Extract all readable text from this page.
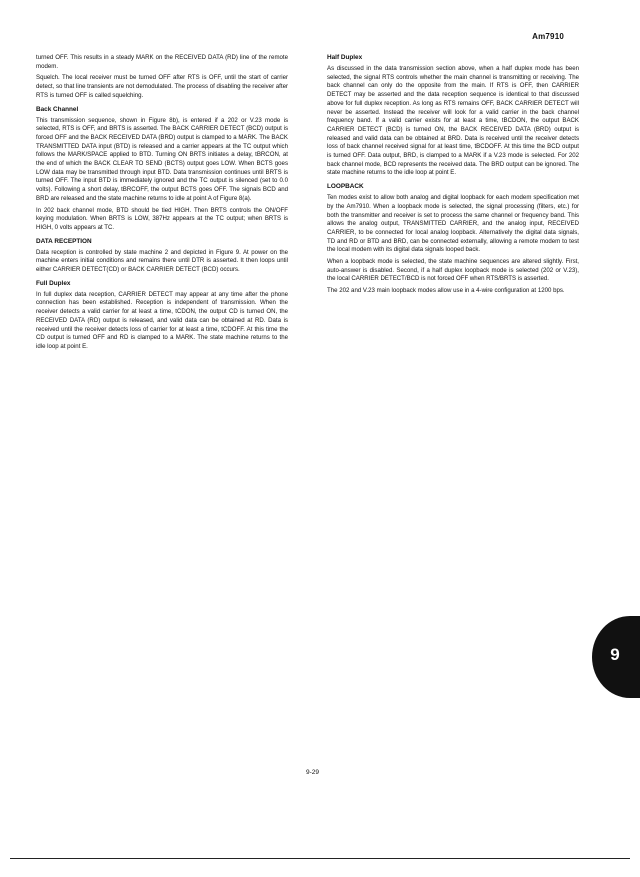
Am7910

turned OFF. This results in a steady MARK on the RECEIVED DATA (RD) line of the remote modem.

Squelch. The local receiver must be turned OFF after RTS is OFF, until the start of carrier detect, so that line transients are not demodulated. The process of disabling the receiver after RTS is turned OFF is called squelching.

Back Channel

This transmission sequence, shown in Figure 8b), is entered if a 202 or V.23 mode is selected, RTS is OFF, and BRTS is asserted. The BACK CARRIER DETECT (BCD) output is forced OFF and the BACK RECEIVED DATA (BRD) output is clamped to a MARK. The BACK TRANSMITTED DATA input (BTD) is released and a carrier appears at the TC output which follows the MARK/SPACE applied to BTD. Turning ON BRTS initiates a delay, tBRCON, at the end of which the BACK CLEAR TO SEND (BCTS) output goes LOW. When BCTS goes LOW data may be transmitted through input BTD. Data transmission continues until BRTS is turned OFF. The input BTD is immediately ignored and the TC output is silenced (set to 0.0 volts). Following a short delay, tBRCOFF, the output BCTS goes OFF. The signals BCD and BRD are released and the state machine returns to idle at point A of Figure 8(a).

In 202 back channel mode, BTD should be tied HIGH. Then BRTS controls the ON/OFF keying modulation. When BRTS is LOW, 387Hz appears at the TC output; when BRTS is HIGH, 0 volts appears at TC.

DATA RECEPTION

Data reception is controlled by state machine 2 and depicted in Figure 9. At power on the machine enters initial conditions and remains there until DTR is asserted. It then loops until either CARRIER DETECT(CD) or BACK CARRIER DETECT (BCD) occurs.

Full Duplex

In full duplex data reception, CARRIER DETECT may appear at any time after the phone connection has been established. Reception is independent of transmission. When the receiver detects a valid carrier for at least a time, tCDON, the output CD is turned ON, the RECEIVED DATA (RD) output is released, and valid data can be obtained at RD. Data is received until the receiver detects loss of carrier for at least a time, tCDOFF. At this time the CD output is turned OFF and RD is clamped to a MARK. The state machine returns to the idle loop at point E.

Half Duplex

As discussed in the data transmission section above, when a half duplex mode has been selected, the signal RTS controls whether the main channel is transmitting or receiving. The back channel can only do the opposite from the main. If RTS is OFF, then CARRIER DETECT may be asserted and the data reception sequence is identical to that discussed above for full duplex reception. As long as RTS remains OFF, BACK CARRIER DETECT will never be asserted. Instead the receiver will look for a valid carrier in the back channel frequency band. If a valid carrier exists for at least a time, tBCDON, the output BACK CARRIER DETECT (BCD) is turned ON, the BACK RECEIVED DATA (BRD) output is released and valid data can be obtained at BRD. Data is received until the receiver detects loss of back channel received signal for at least time, tBCDOFF. At this time the BCD output is turned OFF. Data output, BRD, is clamped to a MARK if a V.23 mode is selected. For 202 back channel mode, BCD represents the received data. The BRD output can be ignored. The state machine returns to the idle loop at point E.

LOOPBACK

Ten modes exist to allow both analog and digital loopback for each modem specification met by the Am7910. When a loopback mode is selected, the signal processing (filters, etc.) for both the transmitter and receiver is set to process the same channel or frequency band. This allows the analog output, TRANSMITTED CARRIER, and the analog input, RECEIVED CARRIER, to be connected for local analog loopback. Alternatively the digital data signals, TD and RD or BTD and BRD, can be connected externally, allowing a remote modem to test the local modem with its digital data signals looped back.

When a loopback mode is selected, the state machine sequences are altered slightly. First, auto-answer is disabled. Second, if a half duplex loopback mode is selected (202 or V.23), the local CARRIER DETECT/BCD is not forced OFF when RTS/BRTS is asserted.

The 202 and V.23 main loopback modes allow use in a 4-wire configuration at 1200 bps.

9
9-29
